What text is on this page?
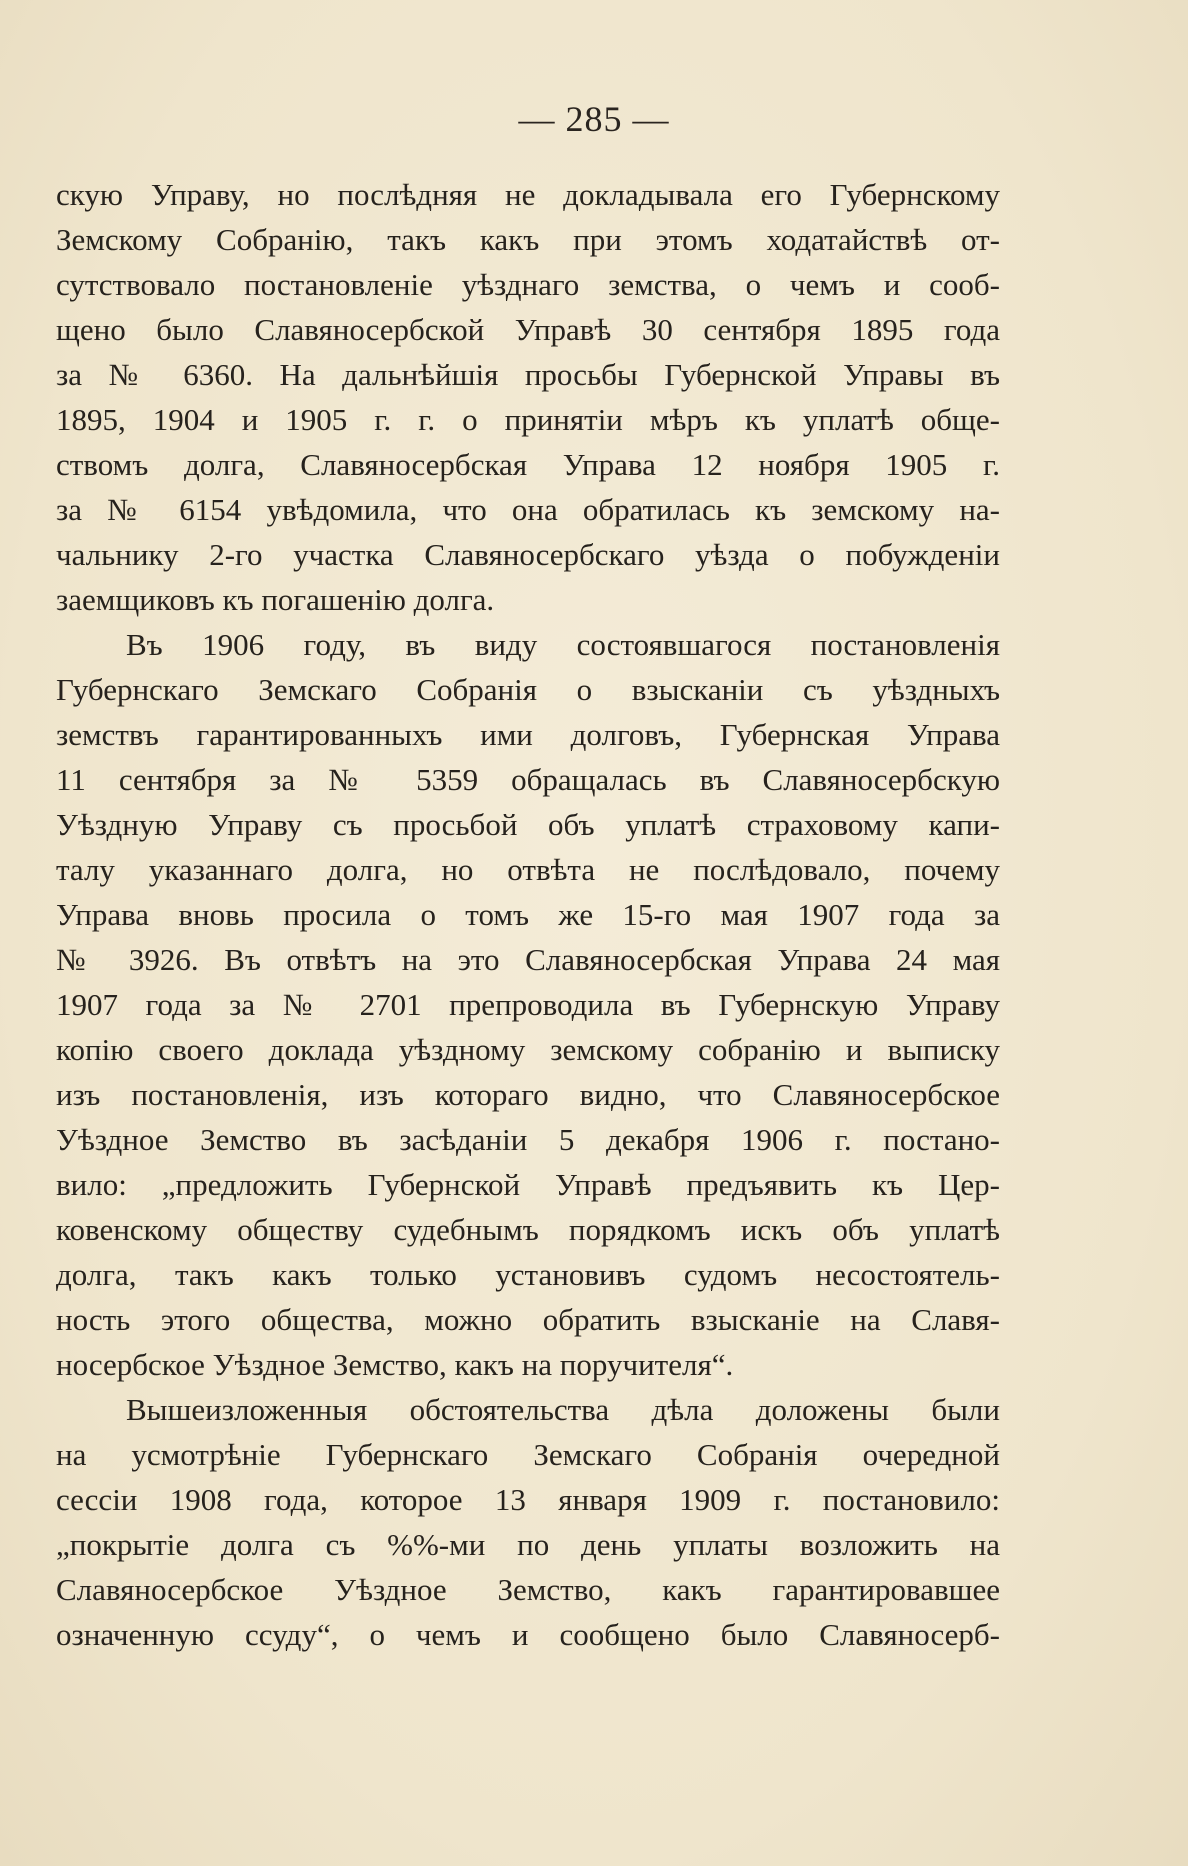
— 285 —
скую Управу, но послѣдняя не докладывала его Губернскому
Земскому Собранію, такъ какъ при этомъ ходатайствѣ от-
сутствовало постановленіе уѣзднаго земства, о чемъ и сооб-
щено было Славяносербской Управѣ 30 сентября 1895 года
за № 6360. На дальнѣйшія просьбы Губернской Управы въ
1895, 1904 и 1905 г. г. о принятіи мѣръ къ уплатѣ обще-
ствомъ долга, Славяносербская Управа 12 ноября 1905 г.
за № 6154 увѣдомила, что она обратилась къ земскому на-
чальнику 2-го участка Славяносербскаго уѣзда о побужденіи
заемщиковъ къ погашенію долга.
Въ 1906 году, въ виду состоявшагося постановленія
Губернскаго Земскаго Собранія о взысканіи съ уѣздныхъ
земствъ гарантированныхъ ими долговъ, Губернская Управа
11 сентября за № 5359 обращалась въ Славяносербскую
Уѣздную Управу съ просьбой объ уплатѣ страховому капи-
талу указаннаго долга, но отвѣта не послѣдовало, почему
Управа вновь просила о томъ же 15-го мая 1907 года за
№ 3926. Въ отвѣтъ на это Славяносербская Управа 24 мая
1907 года за № 2701 препроводила въ Губернскую Управу
копію своего доклада уѣздному земскому собранію и выписку
изъ постановленія, изъ котораго видно, что Славяносербское
Уѣздное Земство въ засѣданіи 5 декабря 1906 г. постано-
вило: „предложить Губернской Управѣ предъявить къ Цер-
ковенскому обществу судебнымъ порядкомъ искъ объ уплатѣ
долга, такъ какъ только установивъ судомъ несостоятель-
ность этого общества, можно обратить взысканіе на Славя-
носербское Уѣздное Земство, какъ на поручителя“.
Вышеизложенныя обстоятельства дѣла доложены были
на усмотрѣніе Губернскаго Земскаго Собранія очередной
сессіи 1908 года, которое 13 января 1909 г. постановило:
„покрытіе долга съ %%-ми по день уплаты возложить на
Славяносербское Уѣздное Земство, какъ гарантировавшее
означенную ссуду“, о чемъ и сообщено было Славяносерб-
